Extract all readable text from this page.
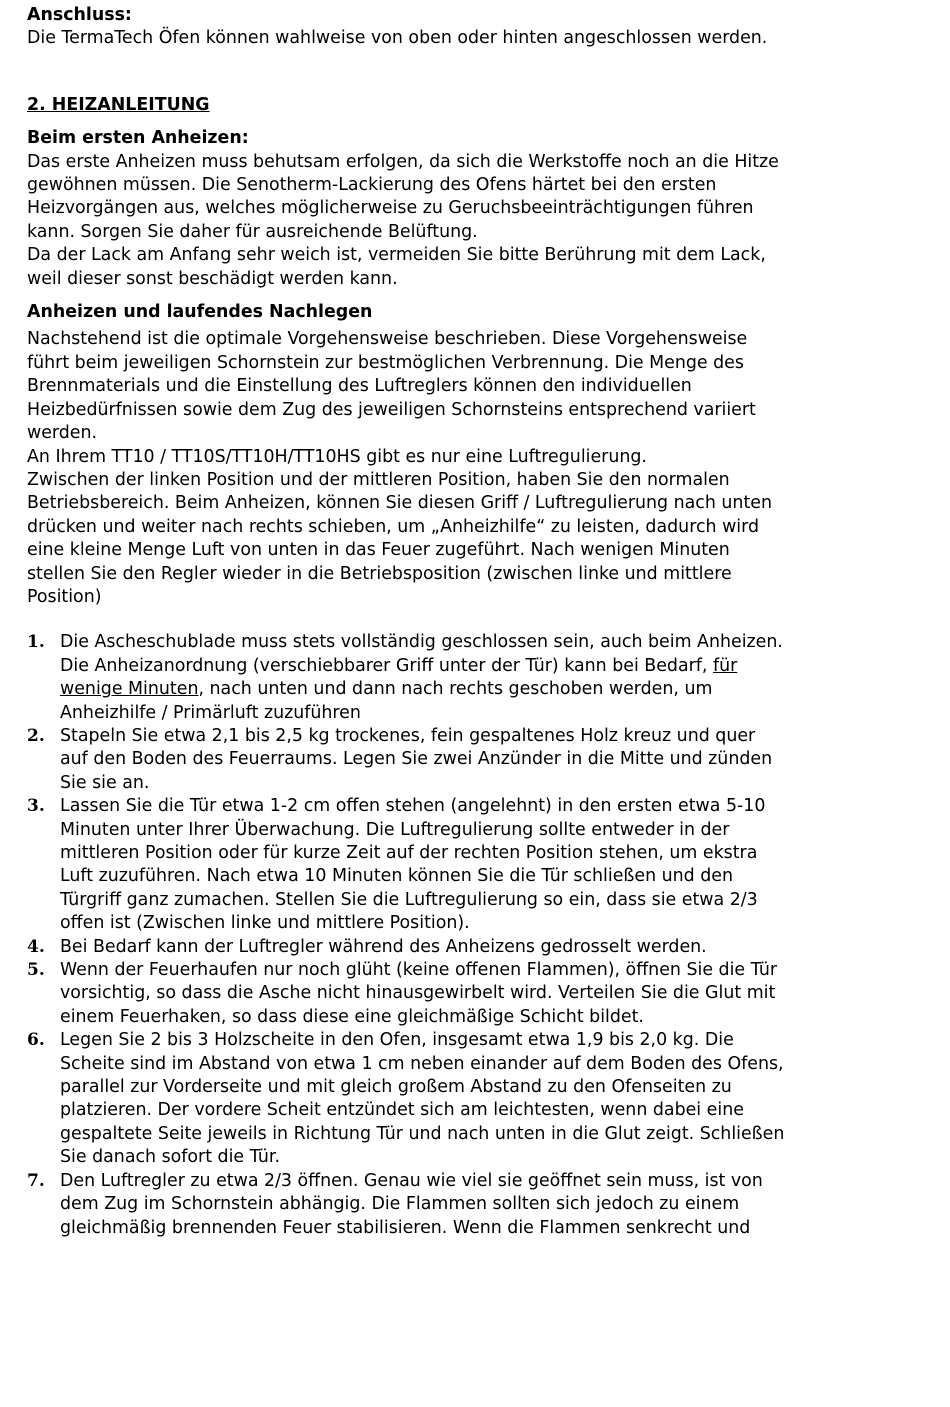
Anschluss:

Die TermaTech Öfen können wahlweise von oben oder hinten angeschlossen werden.

2. HEIZANLEITUNG

Beim ersten Anheizen:

Das erste Anheizen muss behutsam erfolgen, da sich die Werkstoffe noch an die Hitze
gewöhnen müssen. Die Senotherm-Lackierung des Ofens härtet bei den ersten
Heizvorgängen aus, welches möglicherweise zu Geruchsbeeinträchtigungen führen
kann. Sorgen Sie daher für ausreichende Belüftung.
Da der Lack am Anfang sehr weich ist, vermeiden Sie bitte Berührung mit dem Lack,
weil dieser sonst beschädigt werden kann.

Anheizen und laufendes Nachlegen

Nachstehend ist die optimale Vorgehensweise beschrieben. Diese Vorgehensweise
führt beim jeweiligen Schornstein zur bestmöglichen Verbrennung. Die Menge des
Brennmaterials und die Einstellung des Luftreglers können den individuellen
Heizbedürfnissen sowie dem Zug des jeweiligen Schornsteins entsprechend variiert
werden.
An Ihrem TT10 / TT10S/TT10H/TT10HS gibt es nur eine Luftregulierung.
Zwischen der linken Position und der mittleren Position, haben Sie den normalen
Betriebsbereich. Beim Anheizen, können Sie diesen Griff / Luftregulierung nach unten
drücken und weiter nach rechts schieben, um „Anheizhilfe“ zu leisten, dadurch wird
eine kleine Menge Luft von unten in das Feuer zugeführt. Nach wenigen Minuten
stellen Sie den Regler wieder in die Betriebsposition (zwischen linke und mittlere
Position)
1. Die Ascheschublade muss stets vollständig geschlossen sein, auch beim Anheizen.
Die Anheizanordnung (verschiebbarer Griff unter der Tür) kann bei Bedarf, für
wenige Minuten, nach unten und dann nach rechts geschoben werden, um
Anheizhilfe / Primärluft zuzuführen
2. Stapeln Sie etwa 2,1 bis 2,5 kg trockenes, fein gespaltenes Holz kreuz und quer
auf den Boden des Feuerraums. Legen Sie zwei Anzünder in die Mitte und zünden
Sie sie an.
3. Lassen Sie die Tür etwa 1-2 cm offen stehen (angelehnt) in den ersten etwa 5-10
Minuten unter Ihrer Überwachung. Die Luftregulierung sollte entweder in der
mittleren Position oder für kurze Zeit auf der rechten Position stehen, um ekstra
Luft zuzuführen. Nach etwa 10 Minuten können Sie die Tür schließen und den
Türgriff ganz zumachen. Stellen Sie die Luftregulierung so ein, dass sie etwa 2/3
offen ist (Zwischen linke und mittlere Position).
4. Bei Bedarf kann der Luftregler während des Anheizens gedrosselt werden.
5. Wenn der Feuerhaufen nur noch glüht (keine offenen Flammen), öffnen Sie die Tür
vorsichtig, so dass die Asche nicht hinausgewirbelt wird. Verteilen Sie die Glut mit
einem Feuerhaken, so dass diese eine gleichmäßige Schicht bildet.
6. Legen Sie 2 bis 3 Holzscheite in den Ofen, insgesamt etwa 1,9 bis 2,0 kg. Die
Scheite sind im Abstand von etwa 1 cm neben einander auf dem Boden des Ofens,
parallel zur Vorderseite und mit gleich großem Abstand zu den Ofenseiten zu
platzieren. Der vordere Scheit entzündet sich am leichtesten, wenn dabei eine
gespaltete Seite jeweils in Richtung Tür und nach unten in die Glut zeigt. Schließen
Sie danach sofort die Tür.
7. Den Luftregler zu etwa 2/3 öffnen. Genau wie viel sie geöffnet sein muss, ist von
dem Zug im Schornstein abhängig. Die Flammen sollten sich jedoch zu einem
gleichmäßig brennenden Feuer stabilisieren. Wenn die Flammen senkrecht und
